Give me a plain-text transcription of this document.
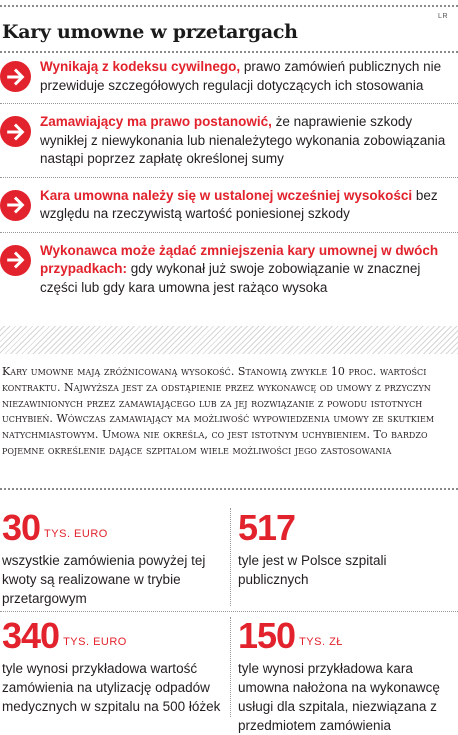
LR
Kary umowne w przetargach

Wynikają z kodeksu cywilnego, prawo zamówień publicznych nie przewiduje szczegółowych regulacji dotyczących ich stosowania

Zamawiający ma prawo postanowić, że naprawienie szkody wynikłej z niewykonania lub nienależytego wykonania zobowiązania nastąpi poprzez zapłatę określonej sumy

Kara umowna należy się w ustalonej wcześniej wysokości bez względu na rzeczywistą wartość poniesionej szkody

Wykonawca może żądać zmniejszenia kary umownej w dwóch przypadkach: gdy wykonał już swoje zobowiązanie w znacznej części lub gdy kara umowna jest rażąco wysoka

Kary umowne mają zróżnicowaną wysokość. Stanowią zwykle 10 proc. wartości kontraktu. Najwyższa jest za odstąpienie przez wykonawcę od umowy z przyczyn niezawinionych przez zamawiającego lub za jej rozwiązanie z powodu istotnych uchybień. Wówczas zamawiający ma możliwość wypowiedzenia umowy ze skutkiem natychmiastowym. Umowa nie określa, co jest istotnym uchybieniem. To bardzo pojemne określenie dające szpitalom wiele możliwości jego zastosowania

30 TYS. EURO
wszystkie zamówienia powyżej tej kwoty są realizowane w trybie przetargowym
517
tyle jest w Polsce szpitali publicznych
340 TYS. EURO
tyle wynosi przykładowa wartość zamówienia na utylizację odpadów medycznych w szpitalu na 500 łóżek
150 TYS. ZŁ
tyle wynosi przykładowa kara umowna nałożona na wykonawcę usługi dla szpitala, niezwiązana z przedmiotem zamówienia
